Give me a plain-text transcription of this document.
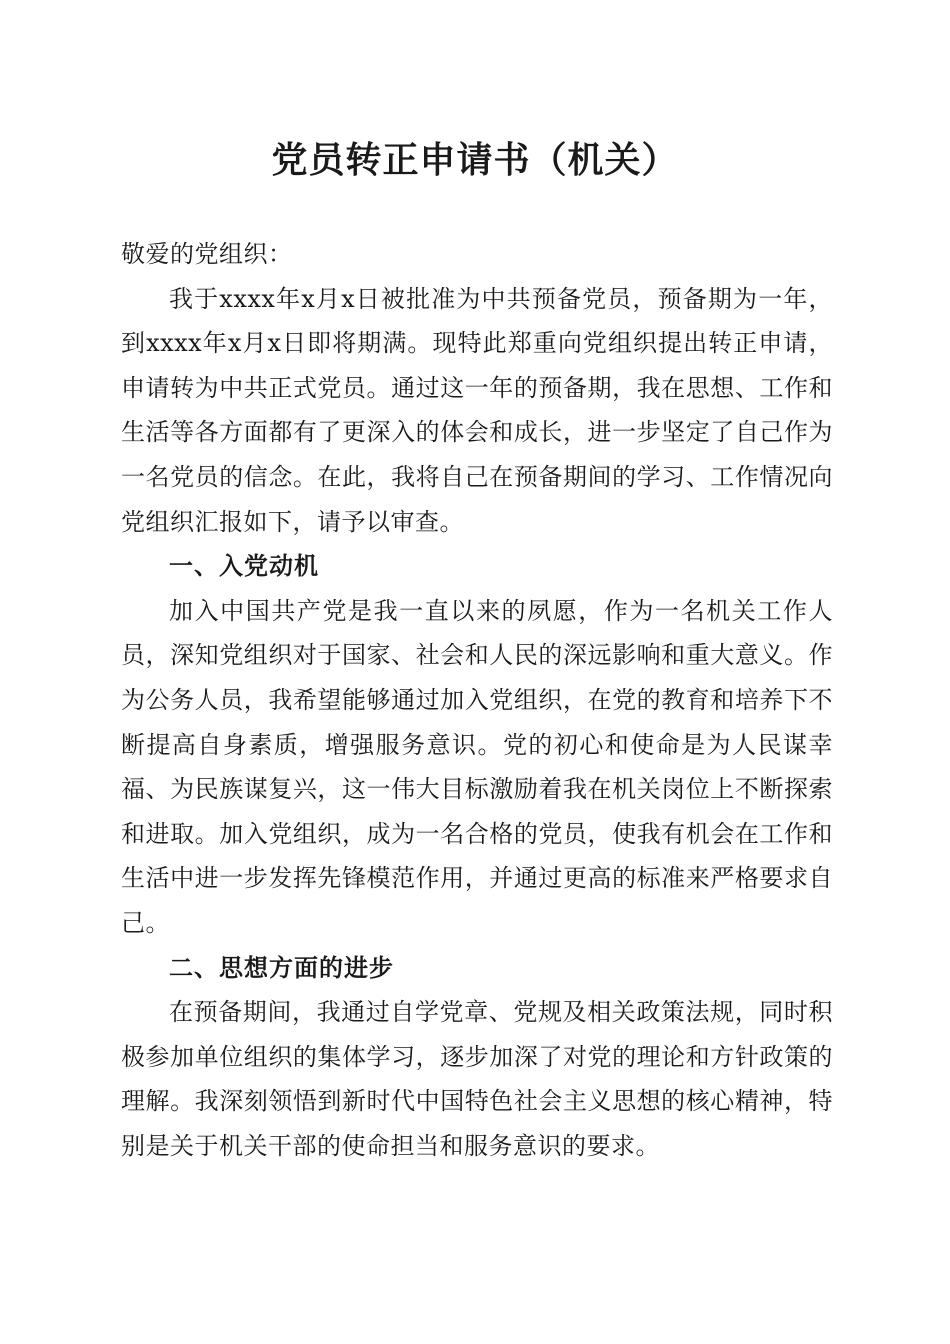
党员转正申请书（机关）

敬爱的党组织：

我于xxxx年x月x日被批准为中共预备党员，预备期为一年，到xxxx年x月x日即将期满。现特此郑重向党组织提出转正申请，申请转为中共正式党员。通过这一年的预备期，我在思想、工作和生活等各方面都有了更深入的体会和成长，进一步坚定了自己作为一名党员的信念。在此，我将自己在预备期间的学习、工作情况向党组织汇报如下，请予以审查。

一、入党动机

加入中国共产党是我一直以来的夙愿，作为一名机关工作人员，深知党组织对于国家、社会和人民的深远影响和重大意义。作为公务人员，我希望能够通过加入党组织，在党的教育和培养下不断提高自身素质，增强服务意识。党的初心和使命是为人民谋幸福、为民族谋复兴，这一伟大目标激励着我在机关岗位上不断探索和进取。加入党组织，成为一名合格的党员，使我有机会在工作和生活中进一步发挥先锋模范作用，并通过更高的标准来严格要求自己。

二、思想方面的进步

在预备期间，我通过自学党章、党规及相关政策法规，同时积极参加单位组织的集体学习，逐步加深了对党的理论和方针政策的理解。我深刻领悟到新时代中国特色社会主义思想的核心精神，特别是关于机关干部的使命担当和服务意识的要求。
